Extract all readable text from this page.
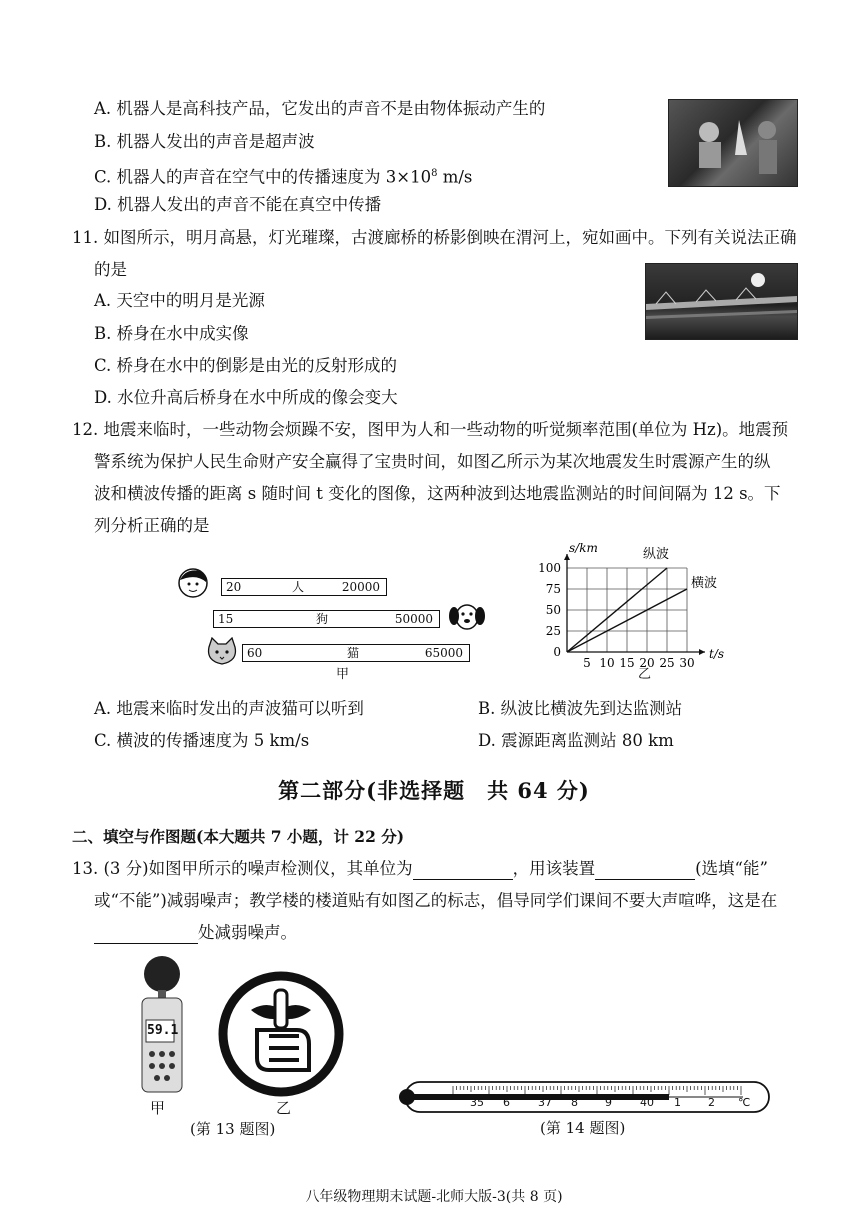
A. 机器人是高科技产品，它发出的声音不是由物体振动产生的
B. 机器人发出的声音是超声波
C. 机器人的声音在空气中的传播速度为 $3\times 10^8$ m/s
D. 机器人发出的声音不能在真空中传播
11. 如图所示，明月高悬，灯光璀璨，古渡廊桥的桥影倒映在渭河上，宛如画中。下列有关说法正确
的是
A. 天空中的明月是光源
B. 桥身在水中成实像
C. 桥身在水中的倒影是由光的反射形成的
D. 水位升高后桥身在水中所成的像会变大
12. 地震来临时，一些动物会烦躁不安，图甲为人和一些动物的听觉频率范围(单位为 Hz)。地震预
警系统为保护人民生命财产安全赢得了宝贵时间，如图乙所示为某次地震发生时震源产生的纵
波和横波传播的距离 s 随时间 t 变化的图像，这两种波到达地震监测站的时间间隔为 12 s。下
列分析正确的是
20	人	20000
15	狗	50000
60	猫	65000
甲
5 10 15 20 25 30
0
25
50
75
100
s/km
t/s
纵波
横波
乙
A. 地震来临时发出的声波猫可以听到	B. 纵波比横波先到达监测站
C. 横波的传播速度为 5 km/s	D. 震源距离监测站 80 km
第二部分(非选择题　共 64 分)
二、填空与作图题(本大题共 7 小题，计 22 分)
13. (3 分)如图甲所示的噪声检测仪，其单位为	，用该装置	(选填“能”
或“不能”)减弱噪声；教学楼的楼道贴有如图乙的标志，倡导同学们课间不要大声喧哗，这是在
处减弱噪声。
59.1
甲	乙
(第 13 题图)
35 6	37 8 9	40 1 2 ℃
(第 14 题图)
八年级物理期末试题-北师大版-3(共 8 页)
